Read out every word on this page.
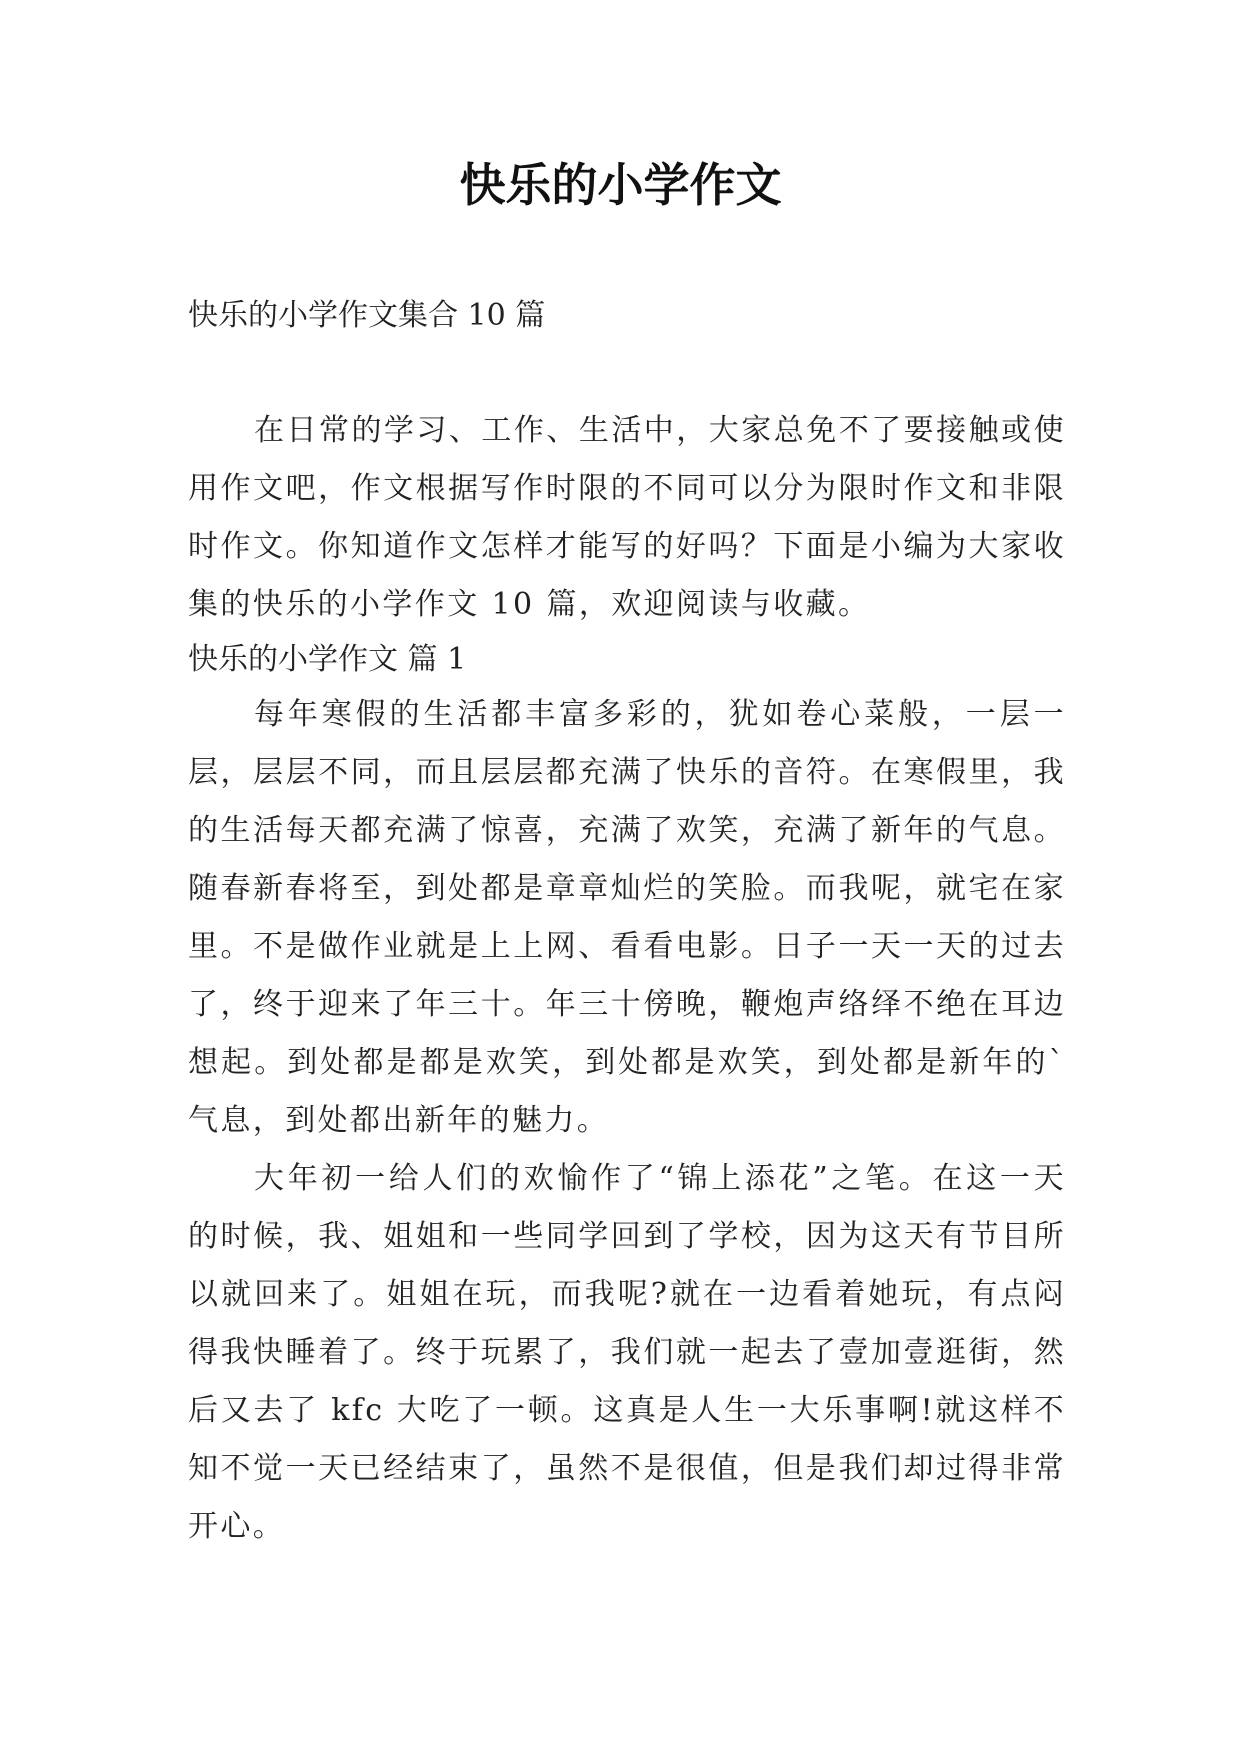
快乐的小学作文

快乐的小学作文集合 10 篇

在日常的学习、工作、生活中，大家总免不了要接触或使用作文吧，作文根据写作时限的不同可以分为限时作文和非限时作文。你知道作文怎样才能写的好吗？下面是小编为大家收集的快乐的小学作文 10 篇，欢迎阅读与收藏。

快乐的小学作文 篇 1

每年寒假的生活都丰富多彩的，犹如卷心菜般，一层一层，层层不同，而且层层都充满了快乐的音符。在寒假里，我的生活每天都充满了惊喜，充满了欢笑，充满了新年的气息。随春新春将至，到处都是章章灿烂的笑脸。而我呢，就宅在家里。不是做作业就是上上网、看看电影。日子一天一天的过去了，终于迎来了年三十。年三十傍晚，鞭炮声络绎不绝在耳边想起。到处都是都是欢笑，到处都是欢笑，到处都是新年的`气息，到处都出新年的魅力。

大年初一给人们的欢愉作了“锦上添花”之笔。在这一天的时候，我、姐姐和一些同学回到了学校，因为这天有节目所以就回来了。姐姐在玩，而我呢?就在一边看着她玩，有点闷得我快睡着了。终于玩累了，我们就一起去了壹加壹逛街，然后又去了 kfc 大吃了一顿。这真是人生一大乐事啊!就这样不知不觉一天已经结束了，虽然不是很值，但是我们却过得非常开心。
